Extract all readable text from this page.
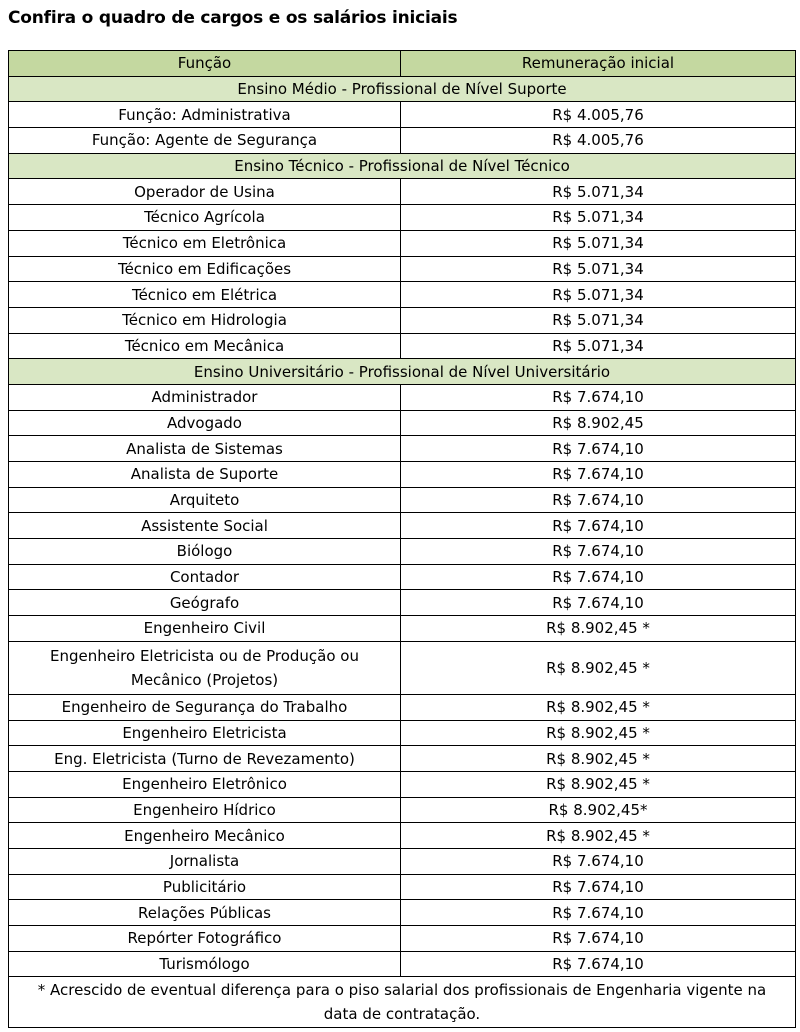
Confira o quadro de cargos e os salários iniciais
Função	Remuneração inicial
Ensino Médio - Profissional de Nível Suporte	
Função: Administrativa	R$ 4.005,76
Função: Agente de Segurança	R$ 4.005,76
Ensino Técnico - Profissional de Nível Técnico	
Operador de Usina	R$ 5.071,34
Técnico Agrícola	R$ 5.071,34
Técnico em Eletrônica	R$ 5.071,34
Técnico em Edificações	R$ 5.071,34
Técnico em Elétrica	R$ 5.071,34
Técnico em Hidrologia	R$ 5.071,34
Técnico em Mecânica	R$ 5.071,34
Ensino Universitário - Profissional de Nível Universitário	
Administrador	R$ 7.674,10
Advogado	R$ 8.902,45
Analista de Sistemas	R$ 7.674,10
Analista de Suporte	R$ 7.674,10
Arquiteto	R$ 7.674,10
Assistente Social	R$ 7.674,10
Biólogo	R$ 7.674,10
Contador	R$ 7.674,10
Geógrafo	R$ 7.674,10
Engenheiro Civil	R$ 8.902,45 *
Engenheiro Eletricista ou de Produção ou Mecânico (Projetos)	R$ 8.902,45 *
Engenheiro de Segurança do Trabalho	R$ 8.902,45 *
Engenheiro Eletricista	R$ 8.902,45 *
Eng. Eletricista (Turno de Revezamento)	R$ 8.902,45 *
Engenheiro Eletrônico	R$ 8.902,45 *
Engenheiro Hídrico	R$ 8.902,45*
Engenheiro Mecânico	R$ 8.902,45 *
Jornalista	R$ 7.674,10
Publicitário	R$ 7.674,10
Relações Públicas	R$ 7.674,10
Repórter Fotográfico	R$ 7.674,10
Turismólogo	R$ 7.674,10
* Acrescido de eventual diferença para o piso salarial dos profissionais de Engenharia vigente na data de contratação.	
